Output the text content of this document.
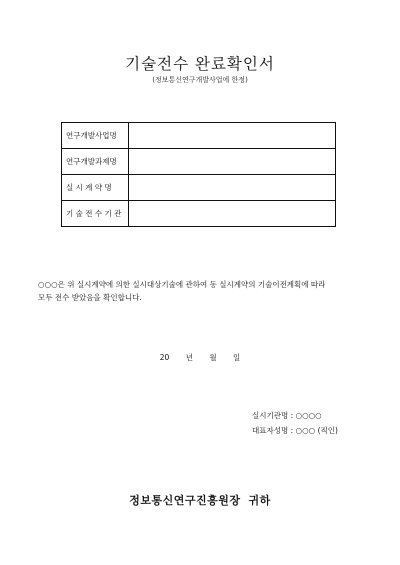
기술전수 완료확인서
(정보통신연구개발사업에 한정)
연구개발사업명	
연구개발과제명	
실 시 계 약 명	
기 술 전 수 기 관	
○○○은 위 실시계약에 의한 실시대상기술에 관하여 동 실시계약의 기술이전계획에 따라
모두 전수 받았음을 확인합니다.
20 년 월 일
실시기관명 : ○○○○
대표자성명 : ○○○ (직인)
정보통신연구진흥원장 귀하
